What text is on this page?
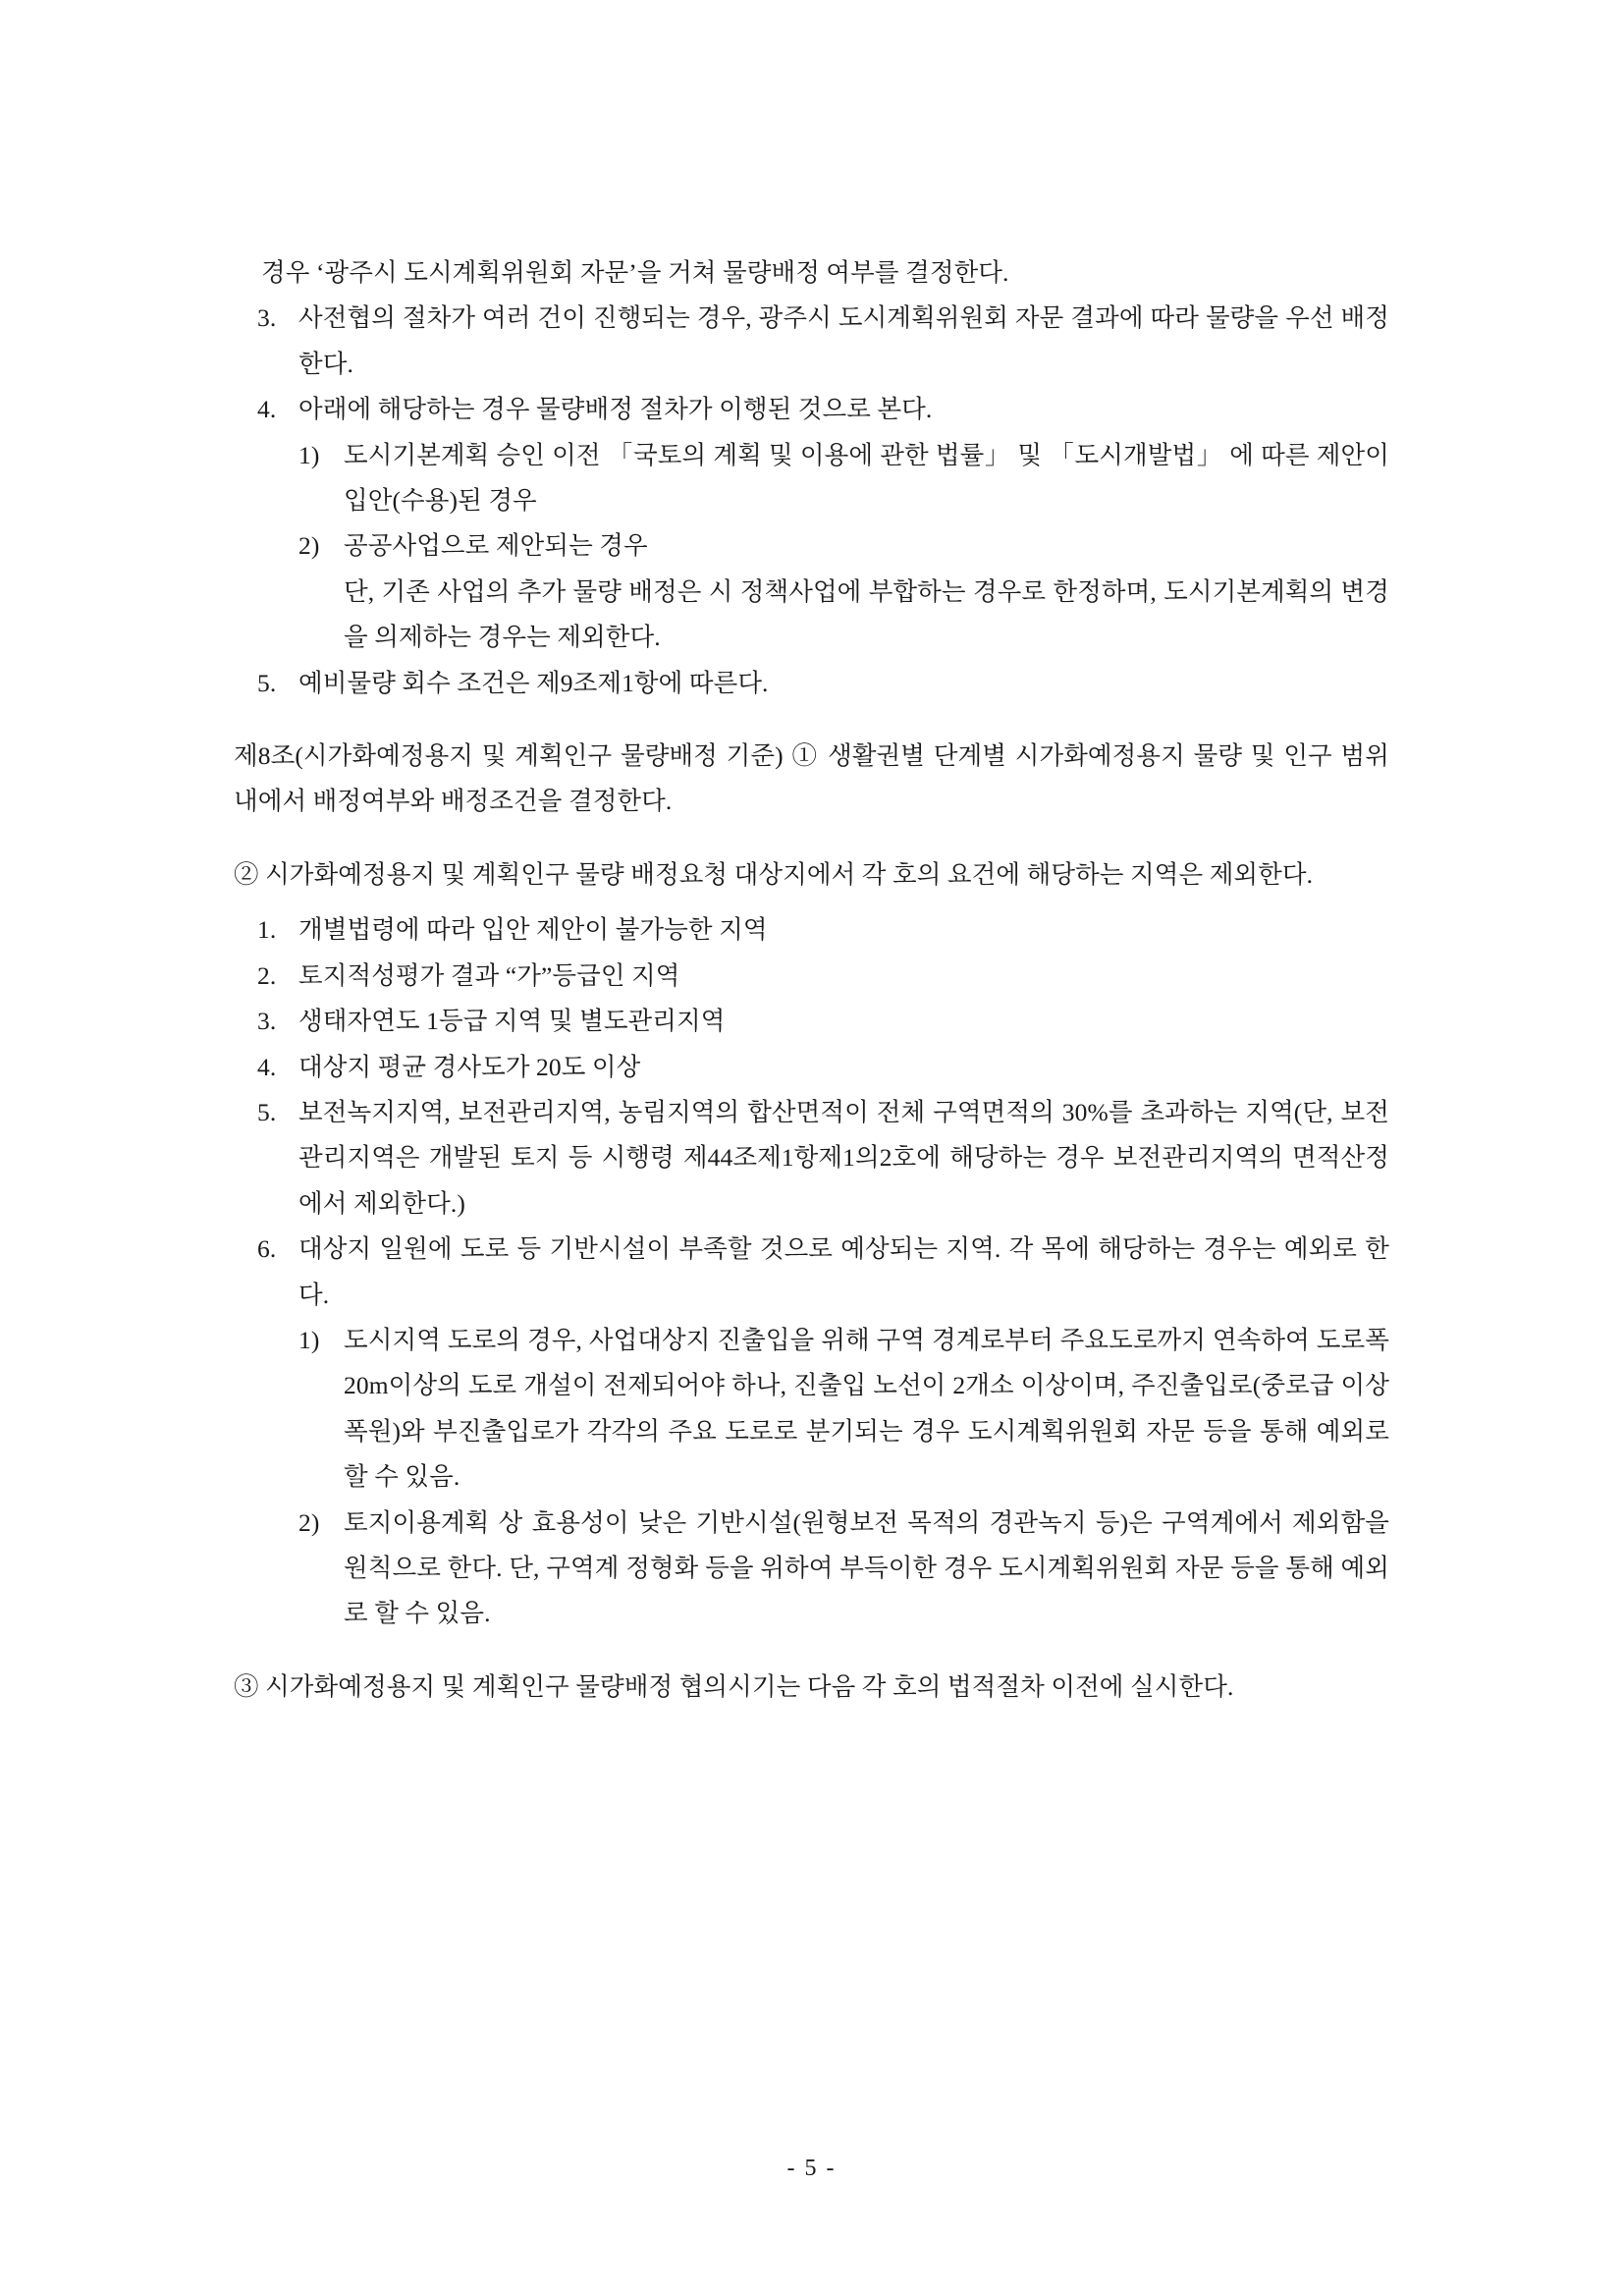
경우 ‘광주시 도시계획위원회 자문’을 거쳐 물량배정 여부를 결정한다.
3. 사전협의 절차가 여러 건이 진행되는 경우, 광주시 도시계획위원회 자문 결과에 따라 물량을 우선 배정한다.
4. 아래에 해당하는 경우 물량배정 절차가 이행된 것으로 본다.
1) 도시기본계획 승인 이전 「국토의 계획 및 이용에 관한 법률」 및 「도시개발법」 에 따른 제안이 입안(수용)된 경우
2) 공공사업으로 제안되는 경우
단, 기존 사업의 추가 물량 배정은 시 정책사업에 부합하는 경우로 한정하며, 도시기본계획의 변경을 의제하는 경우는 제외한다.
5. 예비물량 회수 조건은 제9조제1항에 따른다.
제8조(시가화예정용지 및 계획인구 물량배정 기준) ① 생활권별 단계별 시가화예정용지 물량 및 인구 범위 내에서 배정여부와 배정조건을 결정한다.
② 시가화예정용지 및 계획인구 물량 배정요청 대상지에서 각 호의 요건에 해당하는 지역은 제외한다.
1. 개별법령에 따라 입안 제안이 불가능한 지역
2. 토지적성평가 결과 “가”등급인 지역
3. 생태자연도 1등급 지역 및 별도관리지역
4. 대상지 평균 경사도가 20도 이상
5. 보전녹지지역, 보전관리지역, 농림지역의 합산면적이 전체 구역면적의 30%를 초과하는 지역(단, 보전관리지역은 개발된 토지 등 시행령 제44조제1항제1의2호에 해당하는 경우 보전관리지역의 면적산정에서 제외한다.)
6. 대상지 일원에 도로 등 기반시설이 부족할 것으로 예상되는 지역. 각 목에 해당하는 경우는 예외로 한다.
1) 도시지역 도로의 경우, 사업대상지 진출입을 위해 구역 경계로부터 주요도로까지 연속하여 도로폭 20m이상의 도로 개설이 전제되어야 하나, 진출입 노선이 2개소 이상이며, 주진출입로(중로급 이상 폭원)와 부진출입로가 각각의 주요 도로로 분기되는 경우 도시계획위원회 자문 등을 통해 예외로 할 수 있음.
2) 토지이용계획 상 효용성이 낮은 기반시설(원형보전 목적의 경관녹지 등)은 구역계에서 제외함을 원칙으로 한다. 단, 구역계 정형화 등을 위하여 부득이한 경우 도시계획위원회 자문 등을 통해 예외로 할 수 있음.
③ 시가화예정용지 및 계획인구 물량배정 협의시기는 다음 각 호의 법적절차 이전에 실시한다.
- 5 -
